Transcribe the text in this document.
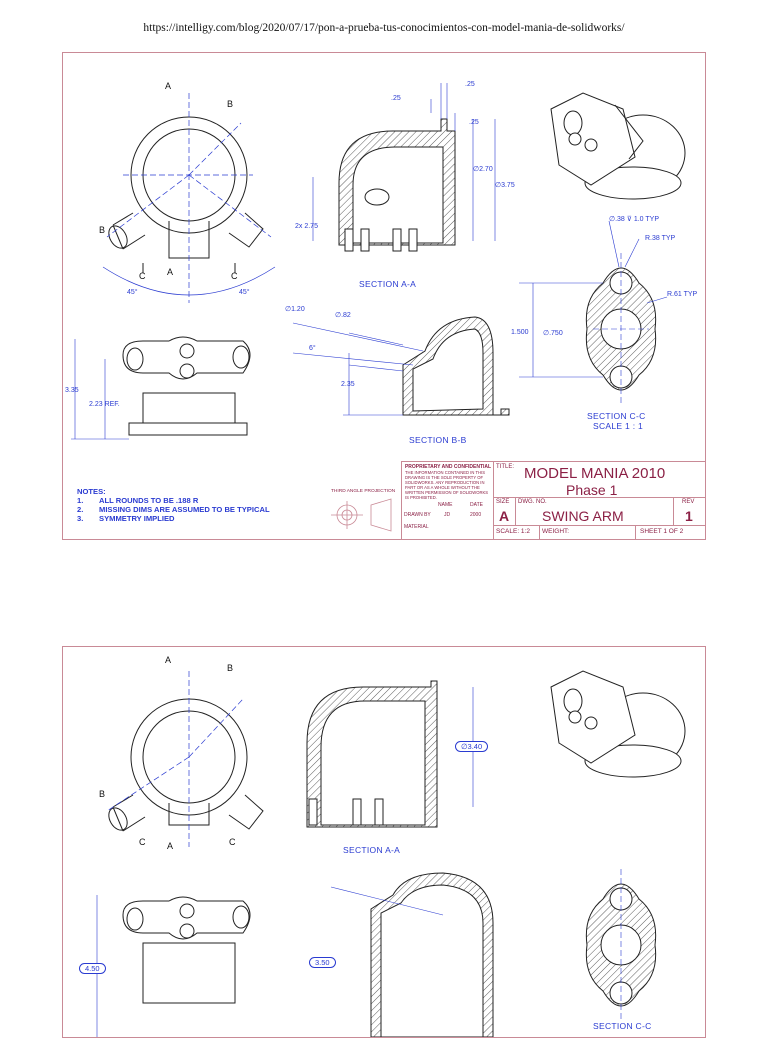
https://intelligy.com/blog/2020/07/17/pon-a-prueba-tus-conocimientos-con-model-mania-de-solidworks/
A
B
B
C A	C
45°	45°
.25
.25
.25
∅2.70
∅3.75
2x 2.75
SECTION A-A
∅.38 ⊽ 1.0 TYP
R.38 TYP
R.61 TYP
1.500 ∅.750
SECTION C-C
SCALE 1 : 1
∅1.20
∅.82
6°
2.35
SECTION B-B
3.35
2.23 REF.
NOTES:
1. ALL ROUNDS TO BE .188 R
2. MISSING DIMS ARE ASSUMED TO BE TYPICAL
3. SYMMETRY IMPLIED
THIRD ANGLE PROJECTION
PROPRIETARY AND CONFIDENTIAL
THE INFORMATION CONTAINED IN THIS DRAWING IS THE SOLE PROPERTY OF SOLIDWORKS. ANY REPRODUCTION IN PART OR AS A WHOLE WITHOUT THE WRITTEN PERMISSION OF SOLIDWORKS IS PROHIBITED.
NAME	DATE
DRAWN BY	JD	2000
MATERIAL
TITLE: MODEL MANIA 2010
Phase 1
SIZE
A
DWG. NO.
SWING ARM
REV
1
SCALE: 1:2 WEIGHT:	SHEET 1 OF 2
A
B
B
C A	C
∅3.40
SECTION A-A
4.50
3.50
SECTION C-C
